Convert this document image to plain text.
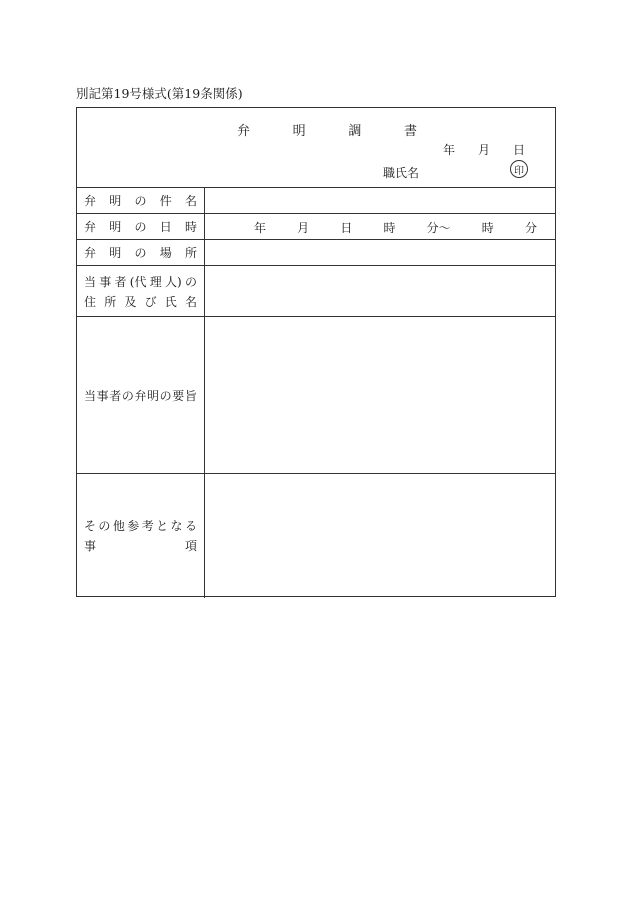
別記第19号様式(第19条関係)
弁	明	調	書
年 月 日
職氏名	印
弁 明 の 件 名
弁 明 の 日 時	年	月	日	時	分～	時	分
弁 明 の 場 所
当 事 者 (代 理 人) の
住 所 及 び 氏 名
当 事 者 の 弁 明 の 要 旨
そ の 他 参 考 と な る
事	項
